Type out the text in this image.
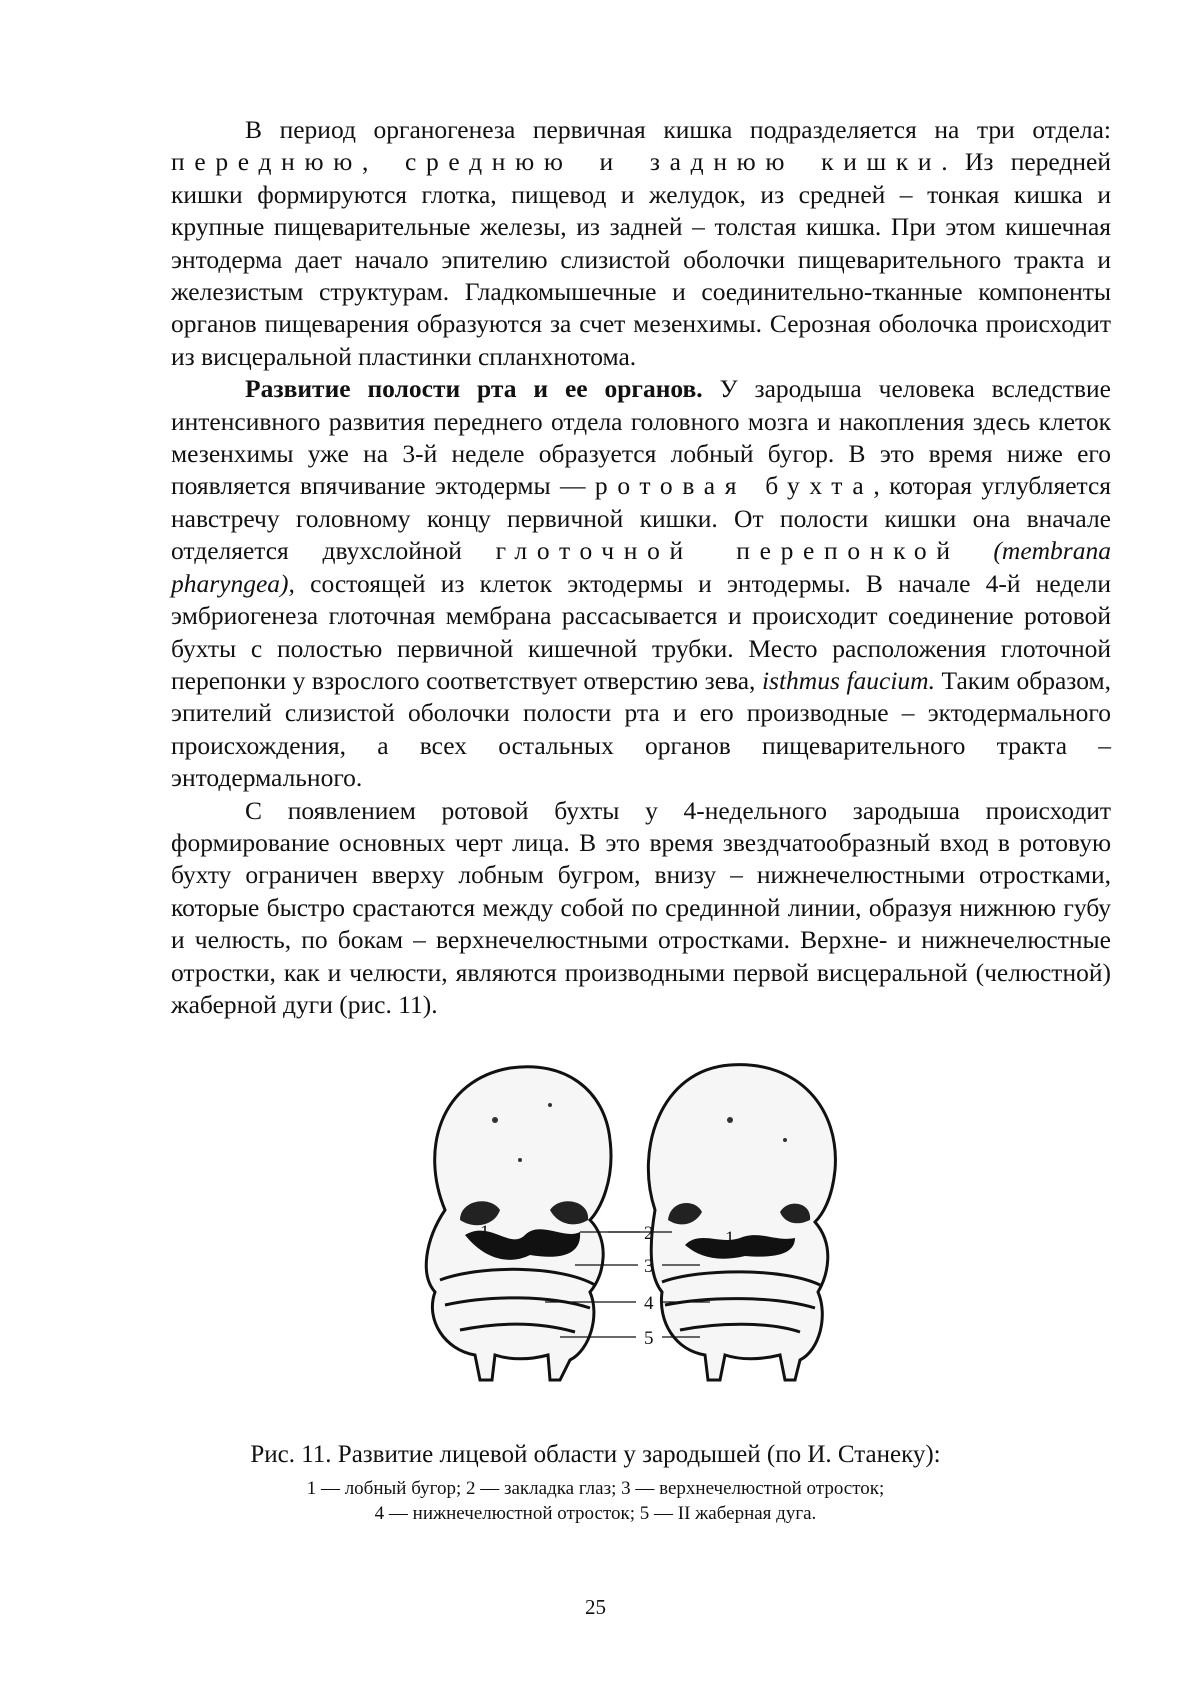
В период органогенеза первичная кишка подразделяется на три отдела: переднюю, среднюю и заднюю кишки. Из передней кишки формируются глотка, пищевод и желудок, из средней – тонкая кишка и крупные пищеварительные железы, из задней – толстая кишка. При этом кишечная энтодерма дает начало эпителию слизистой оболочки пищеварительного тракта и железистым структурам. Гладкомышечные и соединительно-тканные компоненты органов пищеварения образуются за счет мезенхимы. Серозная оболочка происходит из висцеральной пластинки спланхнотома.

Развитие полости рта и ее органов. У зародыша человека вследствие интенсивного развития переднего отдела головного мозга и накопления здесь клеток мезенхимы уже на 3-й неделе образуется лобный бугор. В это время ниже его появляется впячивание эктодермы — ротовая бухта, которая углубляется навстречу головному концу первичной кишки. От полости кишки она вначале отделяется двухслойной глоточной перепонкой (membrana pharyngea), состоящей из клеток эктодермы и энтодермы. В начале 4-й недели эмбриогенеза глоточная мембрана рассасывается и происходит соединение ротовой бухты с полостью первичной кишечной трубки. Место расположения глоточной перепонки у взрослого соответствует отверстию зева, isthmus faucium. Таким образом, эпителий слизистой оболочки полости рта и его производные – эктодермального происхождения, а всех остальных органов пищеварительного тракта – энтодермального.

С появлением ротовой бухты у 4-недельного зародыша происходит формирование основных черт лица. В это время звездчатообразный вход в ротовую бухту ограничен вверху лобным бугром, внизу – нижнечелюстными отростками, которые быстро срастаются между собой по срединной линии, образуя нижнюю губу и челюсть, по бокам – верхнечелюстными отростками. Верхне- и нижнечелюстные отростки, как и челюсти, являются производными первой висцеральной (челюстной) жаберной дуги (рис. 11).

1	1
2
3
4
5
Рис. 11. Развитие лицевой области у зародышей (по И. Станеку):
1 — лобный бугор; 2 — закладка глаз; 3 — верхнечелюстной отросток;
4 — нижнечелюстной отросток; 5 — II жаберная дуга.
25
